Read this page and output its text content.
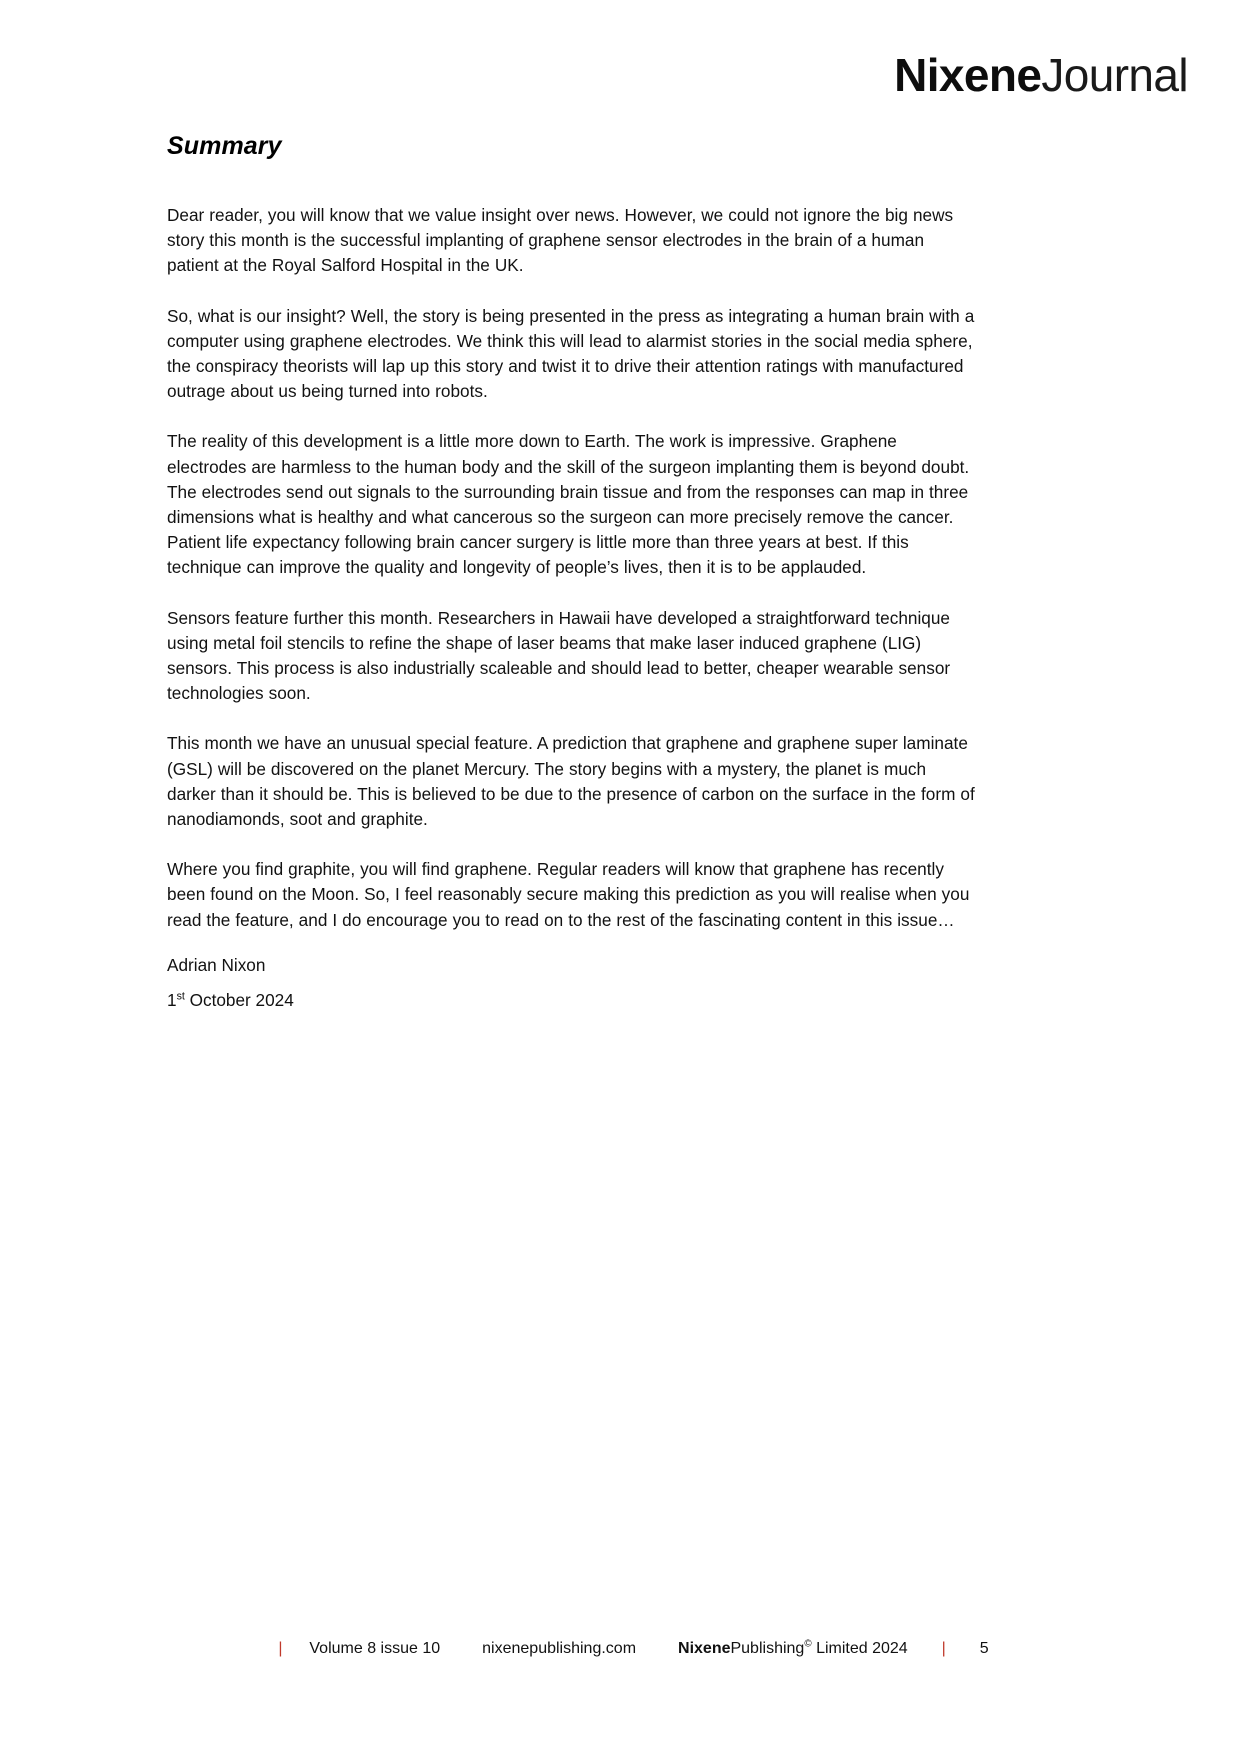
NixeneJournal
Summary

Dear reader, you will know that we value insight over news. However, we could not ignore the big news story this month is the successful implanting of graphene sensor electrodes in the brain of a human patient at the Royal Salford Hospital in the UK.

So, what is our insight? Well, the story is being presented in the press as integrating a human brain with a computer using graphene electrodes. We think this will lead to alarmist stories in the social media sphere, the conspiracy theorists will lap up this story and twist it to drive their attention ratings with manufactured outrage about us being turned into robots.

The reality of this development is a little more down to Earth. The work is impressive. Graphene electrodes are harmless to the human body and the skill of the surgeon implanting them is beyond doubt. The electrodes send out signals to the surrounding brain tissue and from the responses can map in three dimensions what is healthy and what cancerous so the surgeon can more precisely remove the cancer. Patient life expectancy following brain cancer surgery is little more than three years at best. If this technique can improve the quality and longevity of people’s lives, then it is to be applauded.

Sensors feature further this month. Researchers in Hawaii have developed a straightforward technique using metal foil stencils to refine the shape of laser beams that make laser induced graphene (LIG) sensors. This process is also industrially scaleable and should lead to better, cheaper wearable sensor technologies soon.

This month we have an unusual special feature. A prediction that graphene and graphene super laminate (GSL) will be discovered on the planet Mercury. The story begins with a mystery, the planet is much darker than it should be. This is believed to be due to the presence of carbon on the surface in the form of nanodiamonds, soot and graphite.

Where you find graphite, you will find graphene. Regular readers will know that graphene has recently been found on the Moon. So, I feel reasonably secure making this prediction as you will realise when you read the feature, and I do encourage you to read on to the rest of the fascinating content in this issue…

Adrian Nixon

1st October 2024

|	Volume 8 issue 10	nixenepublishing.com	NixenePublishing© Limited 2024	|	5
